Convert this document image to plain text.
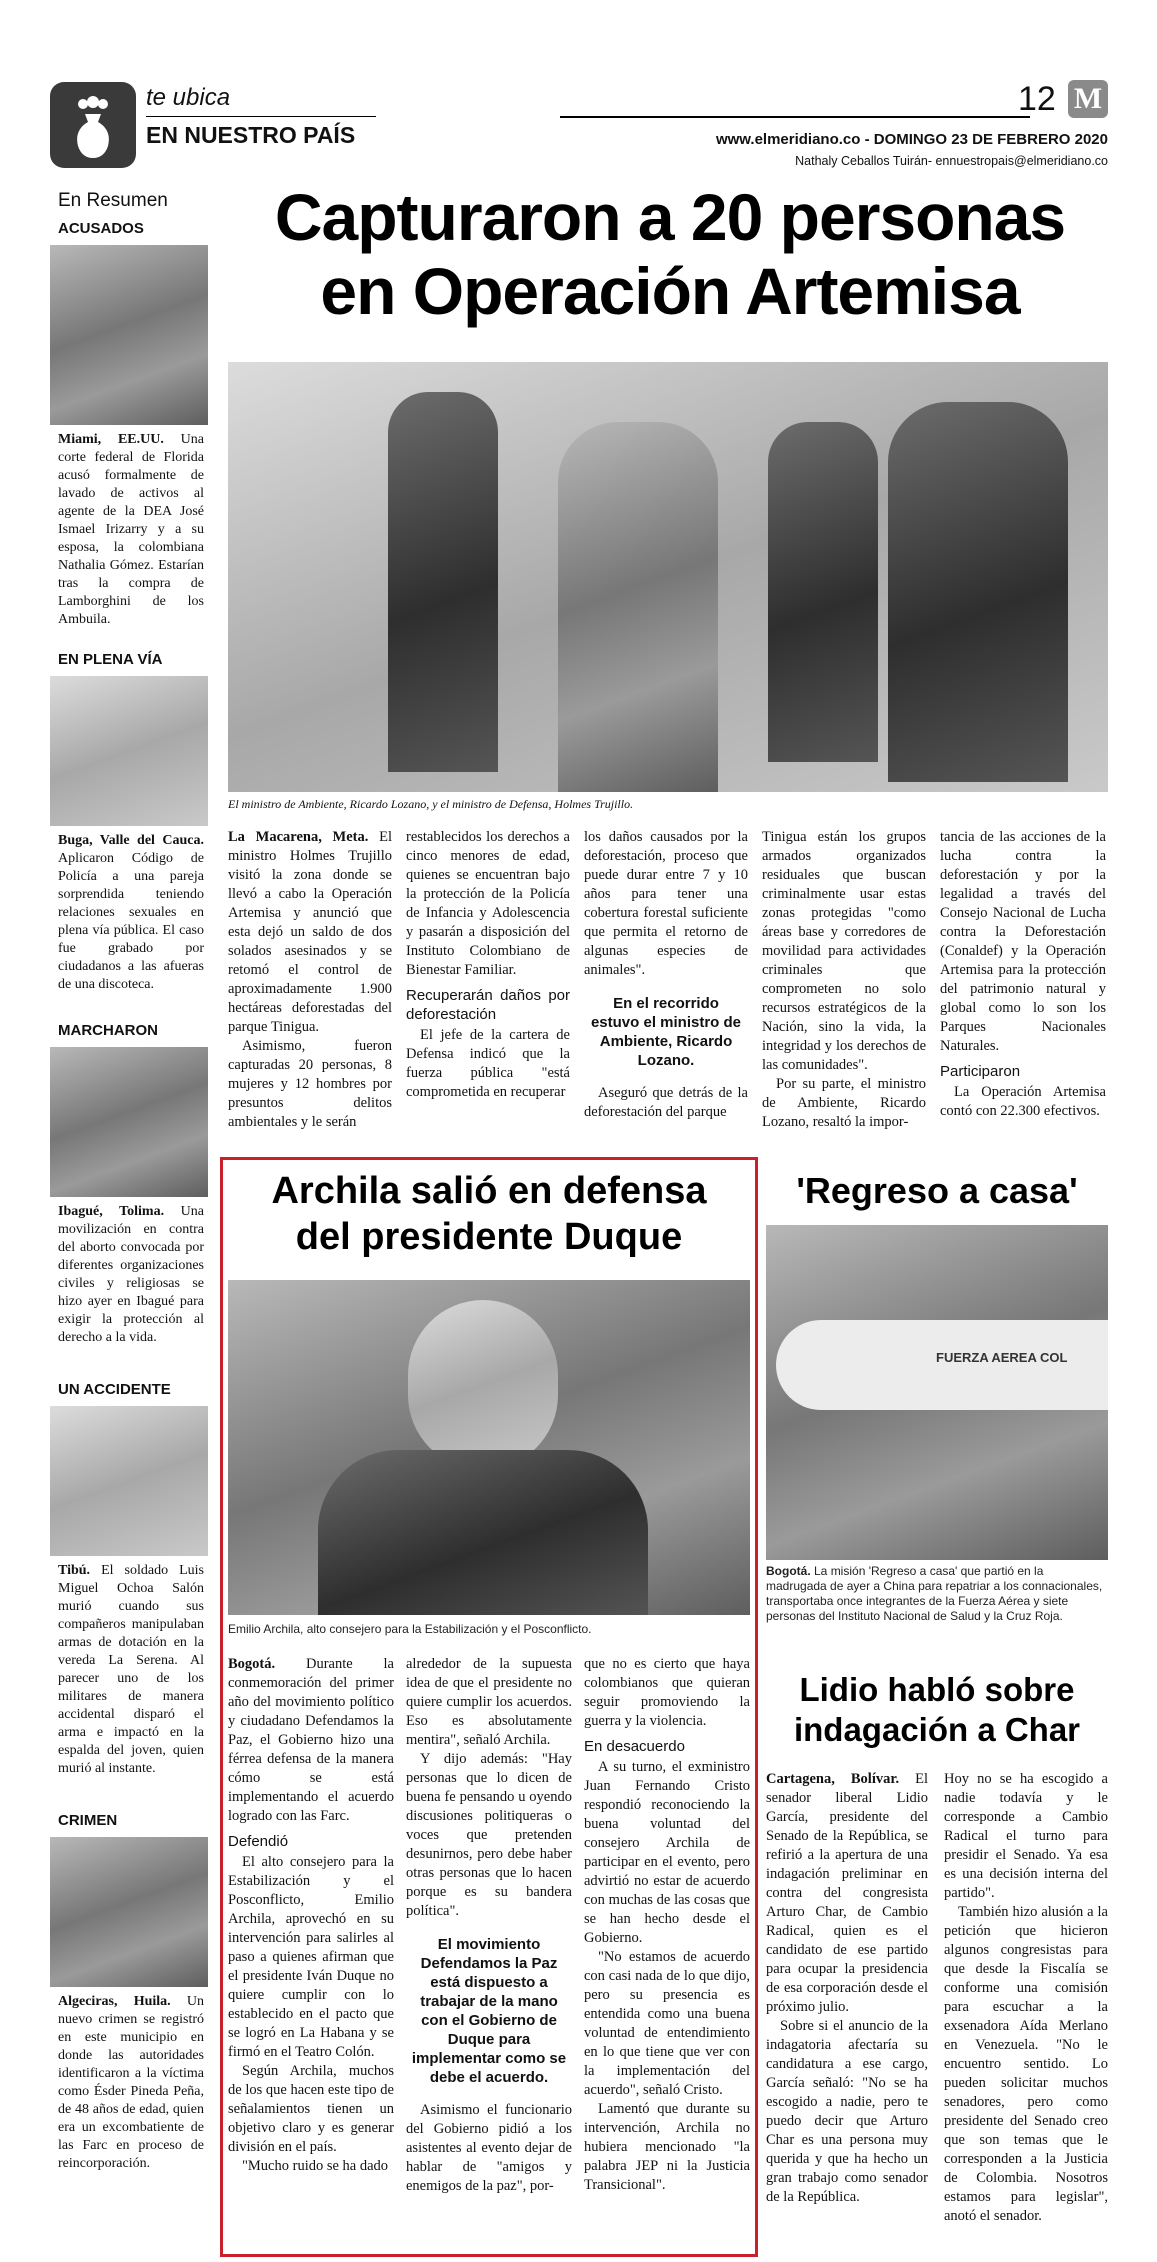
te ubica
EN NUESTRO PAÍS
12 M
www.elmeridiano.co - DOMINGO 23 DE FEBRERO 2020
Nathaly Ceballos Tuirán- ennuestropais@elmeridiano.co
En Resumen
ACUSADOS
Miami, EE.UU. Una corte federal de Florida acusó formalmente de lavado de activos al agente de la DEA José Ismael Irizarry y a su esposa, la colombiana Nathalia Gómez. Estarían tras la compra de Lamborghini de los Ambuila.
EN PLENA VÍA
Buga, Valle del Cauca. Aplicaron Código de Policía a una pareja sorprendida teniendo relaciones sexuales en plena vía pública. El caso fue grabado por ciudadanos a las afueras de una discoteca.
MARCHARON
Ibagué, Tolima. Una movilización en contra del aborto convocada por diferentes organizaciones civiles y religiosas se hizo ayer en Ibagué para exigir la protección al derecho a la vida.
UN ACCIDENTE
Tibú. El soldado Luis Miguel Ochoa Salón murió cuando sus compañeros manipulaban armas de dotación en la vereda La Serena. Al parecer uno de los militares de manera accidental disparó el arma e impactó en la espalda del joven, quien murió al instante.
CRIMEN
Algeciras, Huila. Un nuevo crimen se registró en este municipio en donde las autoridades identificaron a la víctima como Ésder Pineda Peña, de 48 años de edad, quien era un excombatiente de las Farc en proceso de reincorporación.
Capturaron a 20 personas
en Operación Artemisa
El ministro de Ambiente, Ricardo Lozano, y el ministro de Defensa, Holmes Trujillo.

La Macarena, Meta. El ministro Holmes Trujillo visitó la zona donde se llevó a cabo la Operación Artemisa y anunció que esta dejó un saldo de dos solados asesinados y se retomó el control de aproximadamente 1.900 hectáreas deforestadas del parque Tinigua.

Asimismo, fueron capturadas 20 personas, 8 mujeres y 12 hombres por presuntos delitos ambientales y le serán

restablecidos los derechos a cinco menores de edad, quienes se encuentran bajo la protección de la Policía de Infancia y Adolescencia y pasarán a disposición del Instituto Colombiano de Bienestar Familiar.

Recuperarán daños por deforestación

El jefe de la cartera de Defensa indicó que la fuerza pública "está comprometida en recuperar

los daños causados por la deforestación, proceso que puede durar entre 7 y 10 años para tener una cobertura forestal suficiente que permita el retorno de algunas especies de animales".

En el recorrido estuvo el ministro de Ambiente, Ricardo Lozano.

Aseguró que detrás de la deforestación del parque

Tinigua están los grupos armados organizados residuales que buscan criminalmente usar estas zonas protegidas "como áreas base y corredores de movilidad para actividades criminales que comprometen no solo recursos estratégicos de la Nación, sino la vida, la integridad y los derechos de las comunidades".

Por su parte, el ministro de Ambiente, Ricardo Lozano, resaltó la impor-

tancia de las acciones de la lucha contra la deforestación y por la legalidad a través del Consejo Nacional de Lucha contra la Deforestación (Conaldef) y la Operación Artemisa para la protección del patrimonio natural y global como lo son los Parques Nacionales Naturales.

Participaron

La Operación Artemisa contó con 22.300 efectivos.

Archila salió en defensa
del presidente Duque
Emilio Archila, alto consejero para la Estabilización y el Posconflicto.

Bogotá. Durante la conmemoración del primer año del movimiento político y ciudadano Defendamos la Paz, el Gobierno hizo una férrea defensa de la manera cómo se está implementando el acuerdo logrado con las Farc.

Defendió

El alto consejero para la Estabilización y el Posconflicto, Emilio Archila, aprovechó en su intervención para salirles al paso a quienes afirman que el presidente Iván Duque no quiere cumplir con lo establecido en el pacto que se logró en La Habana y se firmó en el Teatro Colón.

Según Archila, muchos de los que hacen este tipo de señalamientos tienen un objetivo claro y es generar división en el país.

"Mucho ruido se ha dado

alrededor de la supuesta idea de que el presidente no quiere cumplir los acuerdos. Eso es absolutamente mentira", señaló Archila.

Y dijo además: "Hay personas que lo dicen de buena fe pensando u oyendo discusiones politiqueras o voces que pretenden desunirnos, pero debe haber otras personas que lo hacen porque es su bandera política".

El movimiento Defendamos la Paz está dispuesto a trabajar de la mano con el Gobierno de Duque para implementar como se debe el acuerdo.

Asimismo el funcionario del Gobierno pidió a los asistentes al evento dejar de hablar de "amigos y enemigos de la paz", por-

que no es cierto que haya colombianos que quieran seguir promoviendo la guerra y la violencia.

En desacuerdo

A su turno, el exministro Juan Fernando Cristo respondió reconociendo la buena voluntad del consejero Archila de participar en el evento, pero advirtió no estar de acuerdo con muchas de las cosas que se han hecho desde el Gobierno.

"No estamos de acuerdo con casi nada de lo que dijo, pero su presencia es entendida como una buena voluntad de entendimiento en lo que tiene que ver con la implementación del acuerdo", señaló Cristo.

Lamentó que durante su intervención, Archila no hubiera mencionado "la palabra JEP ni la Justicia Transicional".

'Regreso a casa'
FUERZA AEREA COL
Bogotá. La misión 'Regreso a casa' que partió en la madrugada de ayer a China para repatriar a los connacionales, transportaba once integrantes de la Fuerza Aérea y siete personas del Instituto Nacional de Salud y la Cruz Roja.
Lidio habló sobre
indagación a Char

Cartagena, Bolívar. El senador liberal Lidio García, presidente del Senado de la República, se refirió a la apertura de una indagación preliminar en contra del congresista Arturo Char, de Cambio Radical, quien es el candidato de ese partido para ocupar la presidencia de esa corporación desde el próximo julio.

Sobre si el anuncio de la indagatoria afectaría su candidatura a ese cargo, García señaló: "No se ha escogido a nadie, pero te puedo decir que Arturo Char es una persona muy querida y que ha hecho un gran trabajo como senador de la República.

Hoy no se ha escogido a nadie todavía y le corresponde a Cambio Radical el turno para presidir el Senado. Ya esa es una decisión interna del partido".

También hizo alusión a la petición que hicieron algunos congresistas para que desde la Fiscalía se conforme una comisión para escuchar a la exsenadora Aída Merlano en Venezuela. "No le encuentro sentido. Lo pueden solicitar muchos senadores, pero como presidente del Senado creo que son temas que le corresponden a la Justicia de Colombia. Nosotros estamos para legislar", anotó el senador.
